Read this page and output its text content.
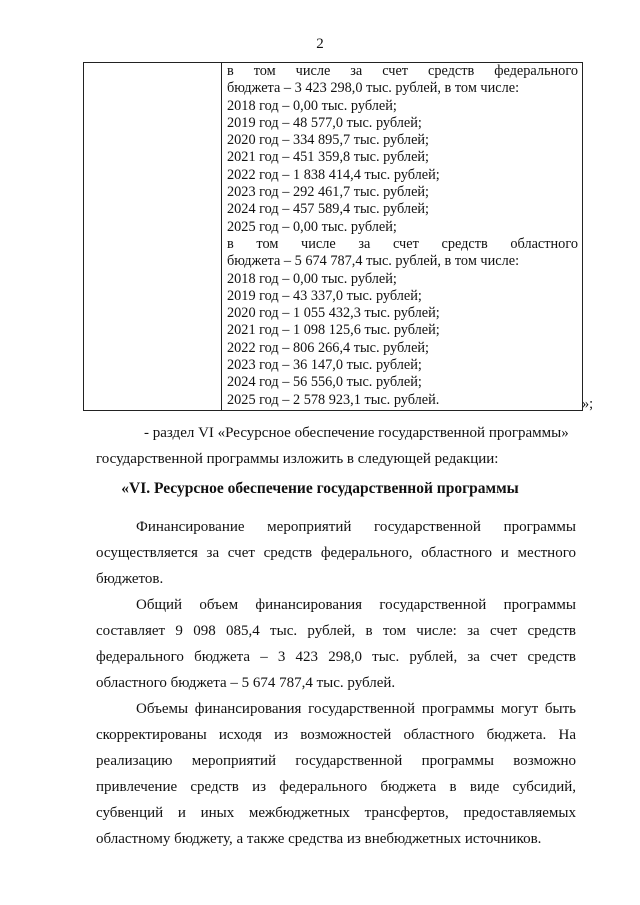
2
в том числе за счет средств федерального
бюджета – 3 423 298,0 тыс. рублей, в том числе:
2018 год – 0,00 тыс. рублей;
2019 год – 48 577,0 тыс. рублей;
2020 год – 334 895,7 тыс. рублей;
2021 год – 451 359,8 тыс. рублей;
2022 год – 1 838 414,4 тыс. рублей;
2023 год – 292 461,7 тыс. рублей;
2024 год – 457 589,4 тыс. рублей;
2025 год – 0,00 тыс. рублей;
в том числе за счет средств областного
бюджета – 5 674 787,4 тыс. рублей, в том числе:
2018 год – 0,00 тыс. рублей;
2019 год – 43 337,0 тыс. рублей;
2020 год – 1 055 432,3 тыс. рублей;
2021 год – 1 098 125,6 тыс. рублей;
2022 год – 806 266,4 тыс. рублей;
2023 год – 36 147,0 тыс. рублей;
2024 год – 56 556,0 тыс. рублей;
2025 год – 2 578 923,1 тыс. рублей.	»;
- раздел VI «Ресурсное обеспечение государственной программы»
государственной программы изложить в следующей редакции:
«VI. Ресурсное обеспечение государственной программы
Финансирование мероприятий государственной программы осуществляется за счет средств федерального, областного и местного бюджетов.
Общий объем финансирования государственной программы составляет 9 098 085,4 тыс. рублей, в том числе: за счет средств федерального бюджета – 3 423 298,0 тыс. рублей, за счет средств областного бюджета – 5 674 787,4 тыс. рублей.
Объемы финансирования государственной программы могут быть скорректированы исходя из возможностей областного бюджета. На реализацию мероприятий государственной программы возможно привлечение средств из федерального бюджета в виде субсидий, субвенций и иных межбюджетных трансфертов, предоставляемых областному бюджету, а также средства из внебюджетных источников.
